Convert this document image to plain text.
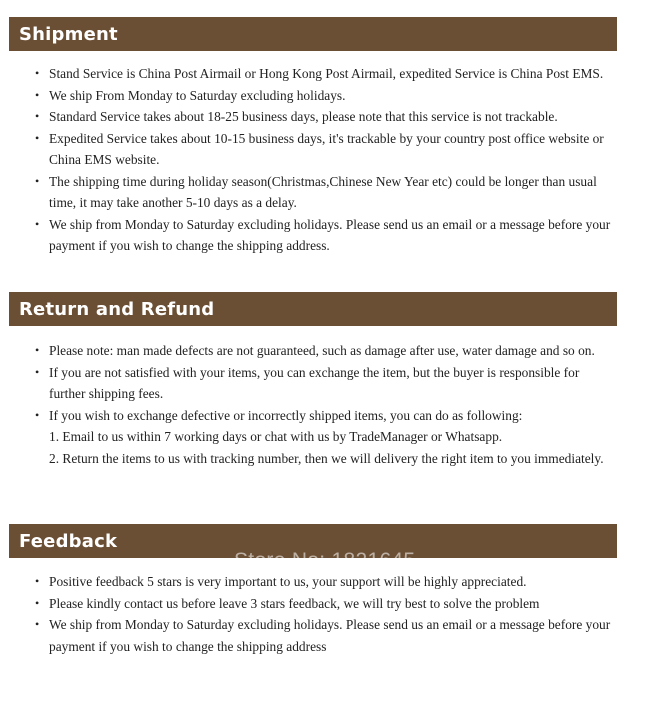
Shipment
• Stand Service is China Post Airmail or Hong Kong Post Airmail, expedited Service is China Post EMS.
• We ship From Monday to Saturday excluding holidays.
• Standard Service takes about 18-25 business days, please note that this service is not trackable.
• Expedited Service takes about 10-15 business days, it's trackable by your country post office website or China EMS website.
• The shipping time during holiday season(Christmas,Chinese New Year etc) could be longer than usual time, it may take another 5-10 days as a delay.
• We ship from Monday to Saturday excluding holidays. Please send us an email or a message before your payment if you wish to change the shipping address.
Return and Refund
• Please note: man made defects are not guaranteed, such as damage after use, water damage and so on.
• If you are not satisfied with your items, you can exchange the item, but the buyer is responsible for further shipping fees.
• If you wish to exchange defective or incorrectly shipped items, you can do as following:
1. Email to us within 7 working days or chat with us by TradeManager or Whatsapp.
2. Return the items to us with tracking number, then we will delivery the right item to you immediately.
Feedback
• Positive feedback 5 stars is very important to us, your support will be highly appreciated.
• Please kindly contact us before leave 3 stars feedback, we will try best to solve the problem
• We ship from Monday to Saturday excluding holidays. Please send us an email or a message before your payment if you wish to change the shipping address
Store No: 1821645
